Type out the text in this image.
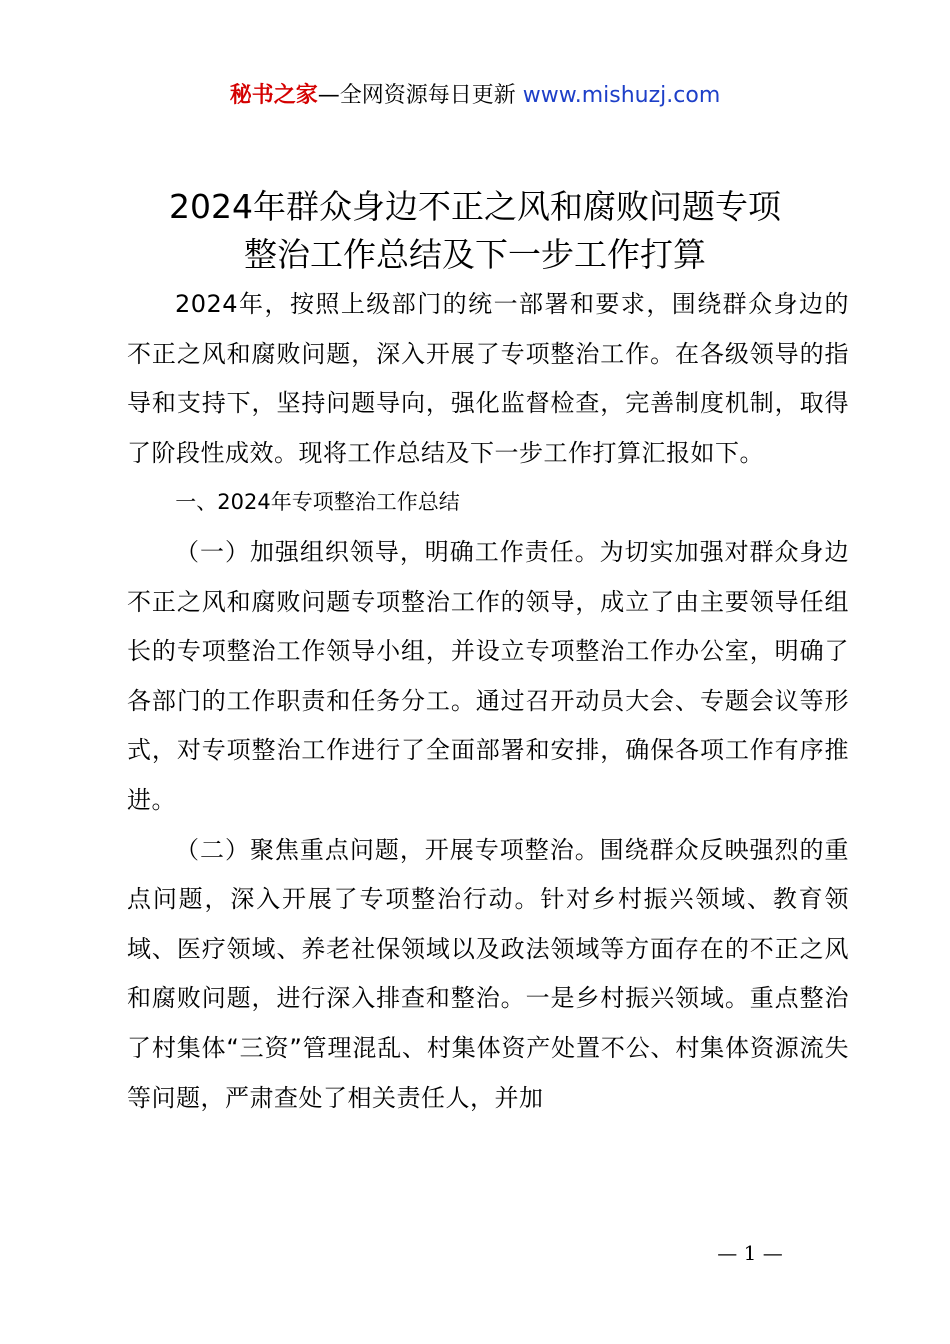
秘书之家—全网资源每日更新 www.mishuzj.com
2024年群众身边不正之风和腐败问题专项
整治工作总结及下一步工作打算

2024年，按照上级部门的统一部署和要求，围绕群众身边的不正之风和腐败问题，深入开展了专项整治工作。在各级领导的指导和支持下，坚持问题导向，强化监督检查，完善制度机制，取得了阶段性成效。现将工作总结及下一步工作打算汇报如下。

一、2024年专项整治工作总结

（一）加强组织领导，明确工作责任。为切实加强对群众身边不正之风和腐败问题专项整治工作的领导，成立了由主要领导任组长的专项整治工作领导小组，并设立专项整治工作办公室，明确了各部门的工作职责和任务分工。通过召开动员大会、专题会议等形式，对专项整治工作进行了全面部署和安排，确保各项工作有序推进。

（二）聚焦重点问题，开展专项整治。围绕群众反映强烈的重点问题，深入开展了专项整治行动。针对乡村振兴领域、教育领域、医疗领域、养老社保领域以及政法领域等方面存在的不正之风和腐败问题，进行深入排查和整治。一是乡村振兴领域。重点整治了村集体“三资”管理混乱、村集体资产处置不公、村集体资源流失等问题，严肃查处了相关责任人，并加

— 1 —
